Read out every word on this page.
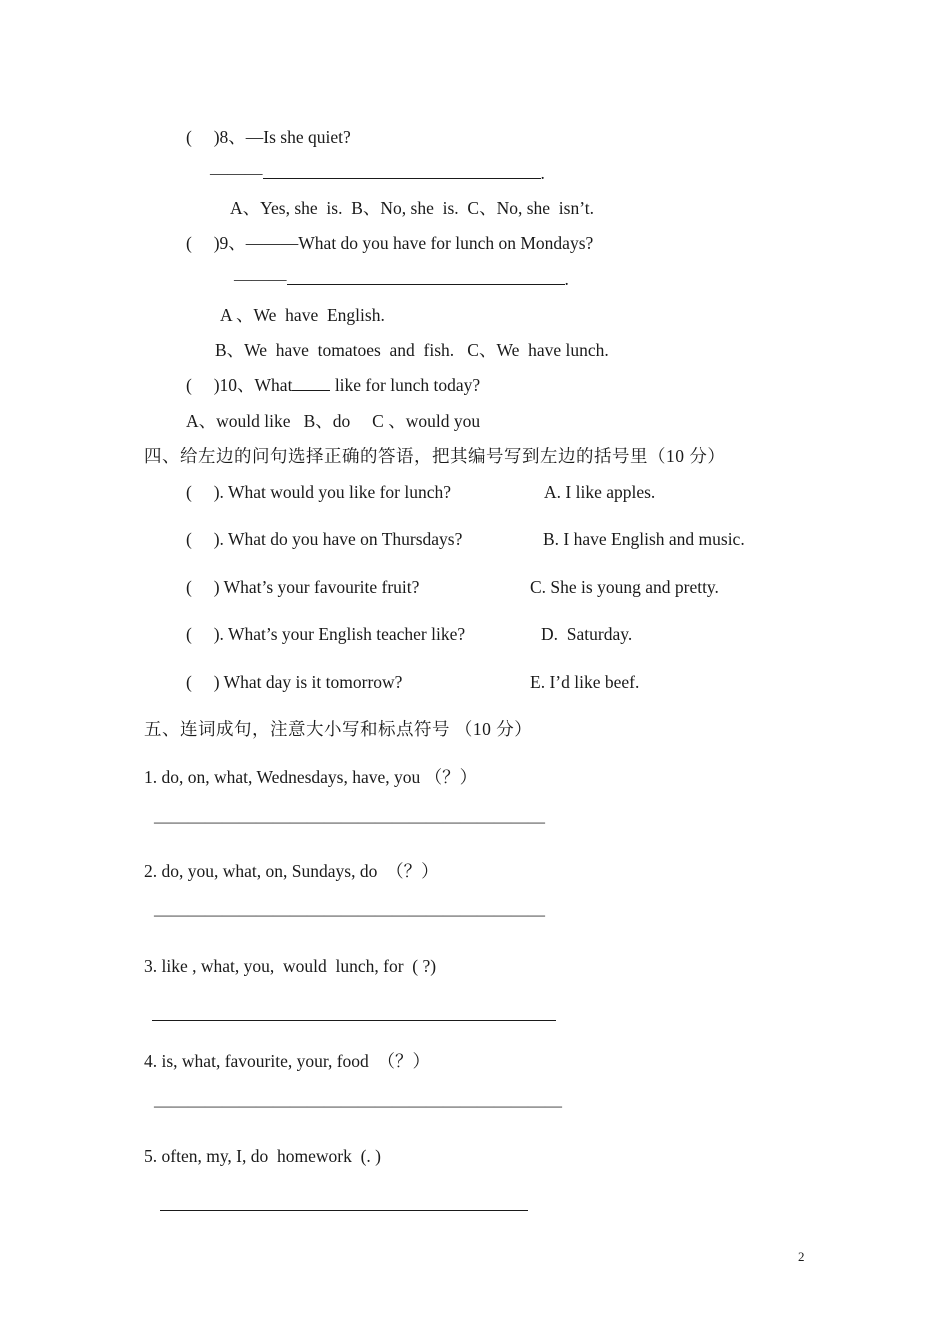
(     )8、—Is she quiet?
———	.
A、Yes, she  is.  B、No, she  is.  C、No, she  isn’t.
(     )9、———What do you have for lunch on Mondays?
———	.
A 、We  have  English.
B、We  have  tomatoes  and  fish.   C、We  have lunch.
(     )10、What like for lunch today?
A、would like   B、do     C 、would you
四、给左边的问句选择正确的答语，把其编号写到左边的括号里（10 分）
(     ). What would you like for lunch?	A. I like apples.
(     ). What do you have on Thursdays?	B. I have English and music.
(     ) What’s your favourite fruit?	C. She is young and pretty.
(     ). What’s your English teacher like?	D.  Saturday.
(     ) What day is it tomorrow?	E. I’d like beef.
五、连词成句，注意大小写和标点符号 （10 分）
1. do, on, what, Wednesdays, have, you （？）
———————————————————————
2. do, you, what, on, Sundays, do  （？）
———————————————————————
3. like , what, you,  would  lunch, for  ( ?)
4. is, what, favourite, your, food  （？）
————————————————————————
5. often, my, I, do  homework  (. )
2
